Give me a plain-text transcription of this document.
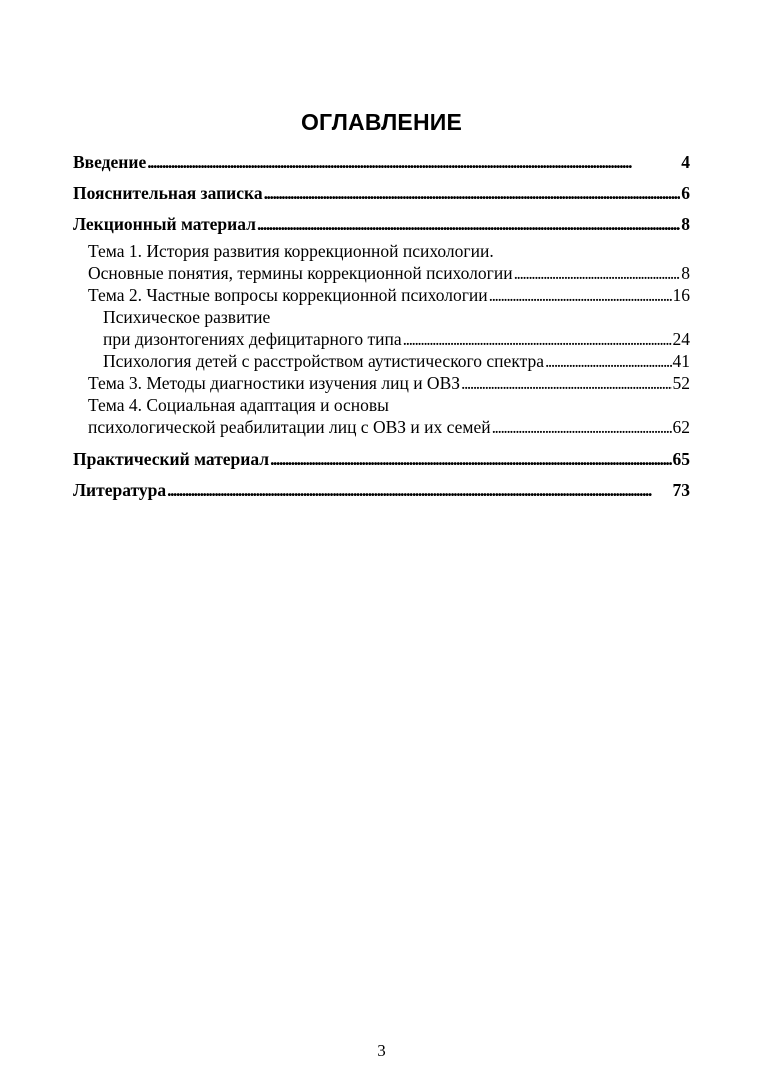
ОГЛАВЛЕНИЕ
Введение . . .	4
Пояснительная записка . . .	6
Лекционный материал . . .	8
Тема 1. История развития коррекционной психологии.
Основные понятия, термины коррекционной психологии . . .	8
Тема 2. Частные вопросы коррекционной психологии . . .	16
Психическое развитие
при дизонтогениях дефицитарного типа . . .	24
Психология детей с расстройством аутистического спектра . . .	41
Тема 3. Методы диагностики изучения лиц и ОВЗ . . .	52
Тема 4. Социальная адаптация и основы
психологической реабилитации лиц с ОВЗ и их семей . . .	62
Практический материал . . .	65
Литература . . .	73
3
